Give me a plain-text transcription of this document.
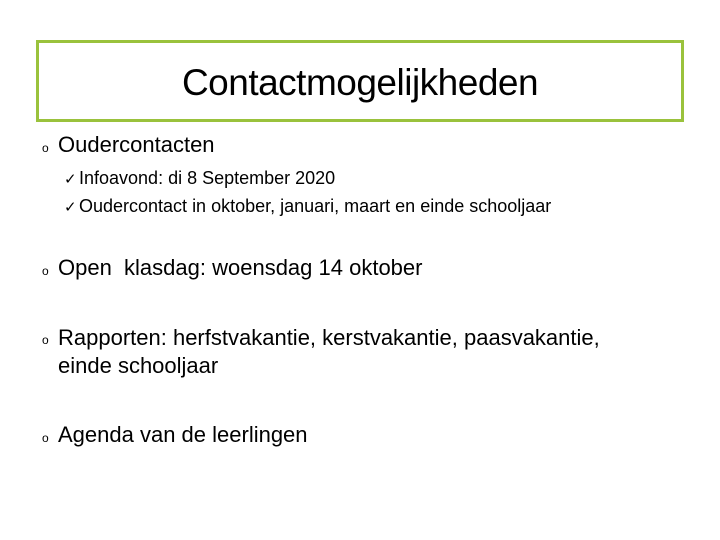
Contactmogelijkheden
o Oudercontacten
✓ Infoavond: di 8 September 2020
✓ Oudercontact in oktober, januari, maart en einde schooljaar
o Open  klasdag: woensdag 14 oktober
o Rapporten: herfstvakantie, kerstvakantie, paasvakantie,
einde schooljaar
o Agenda van de leerlingen
